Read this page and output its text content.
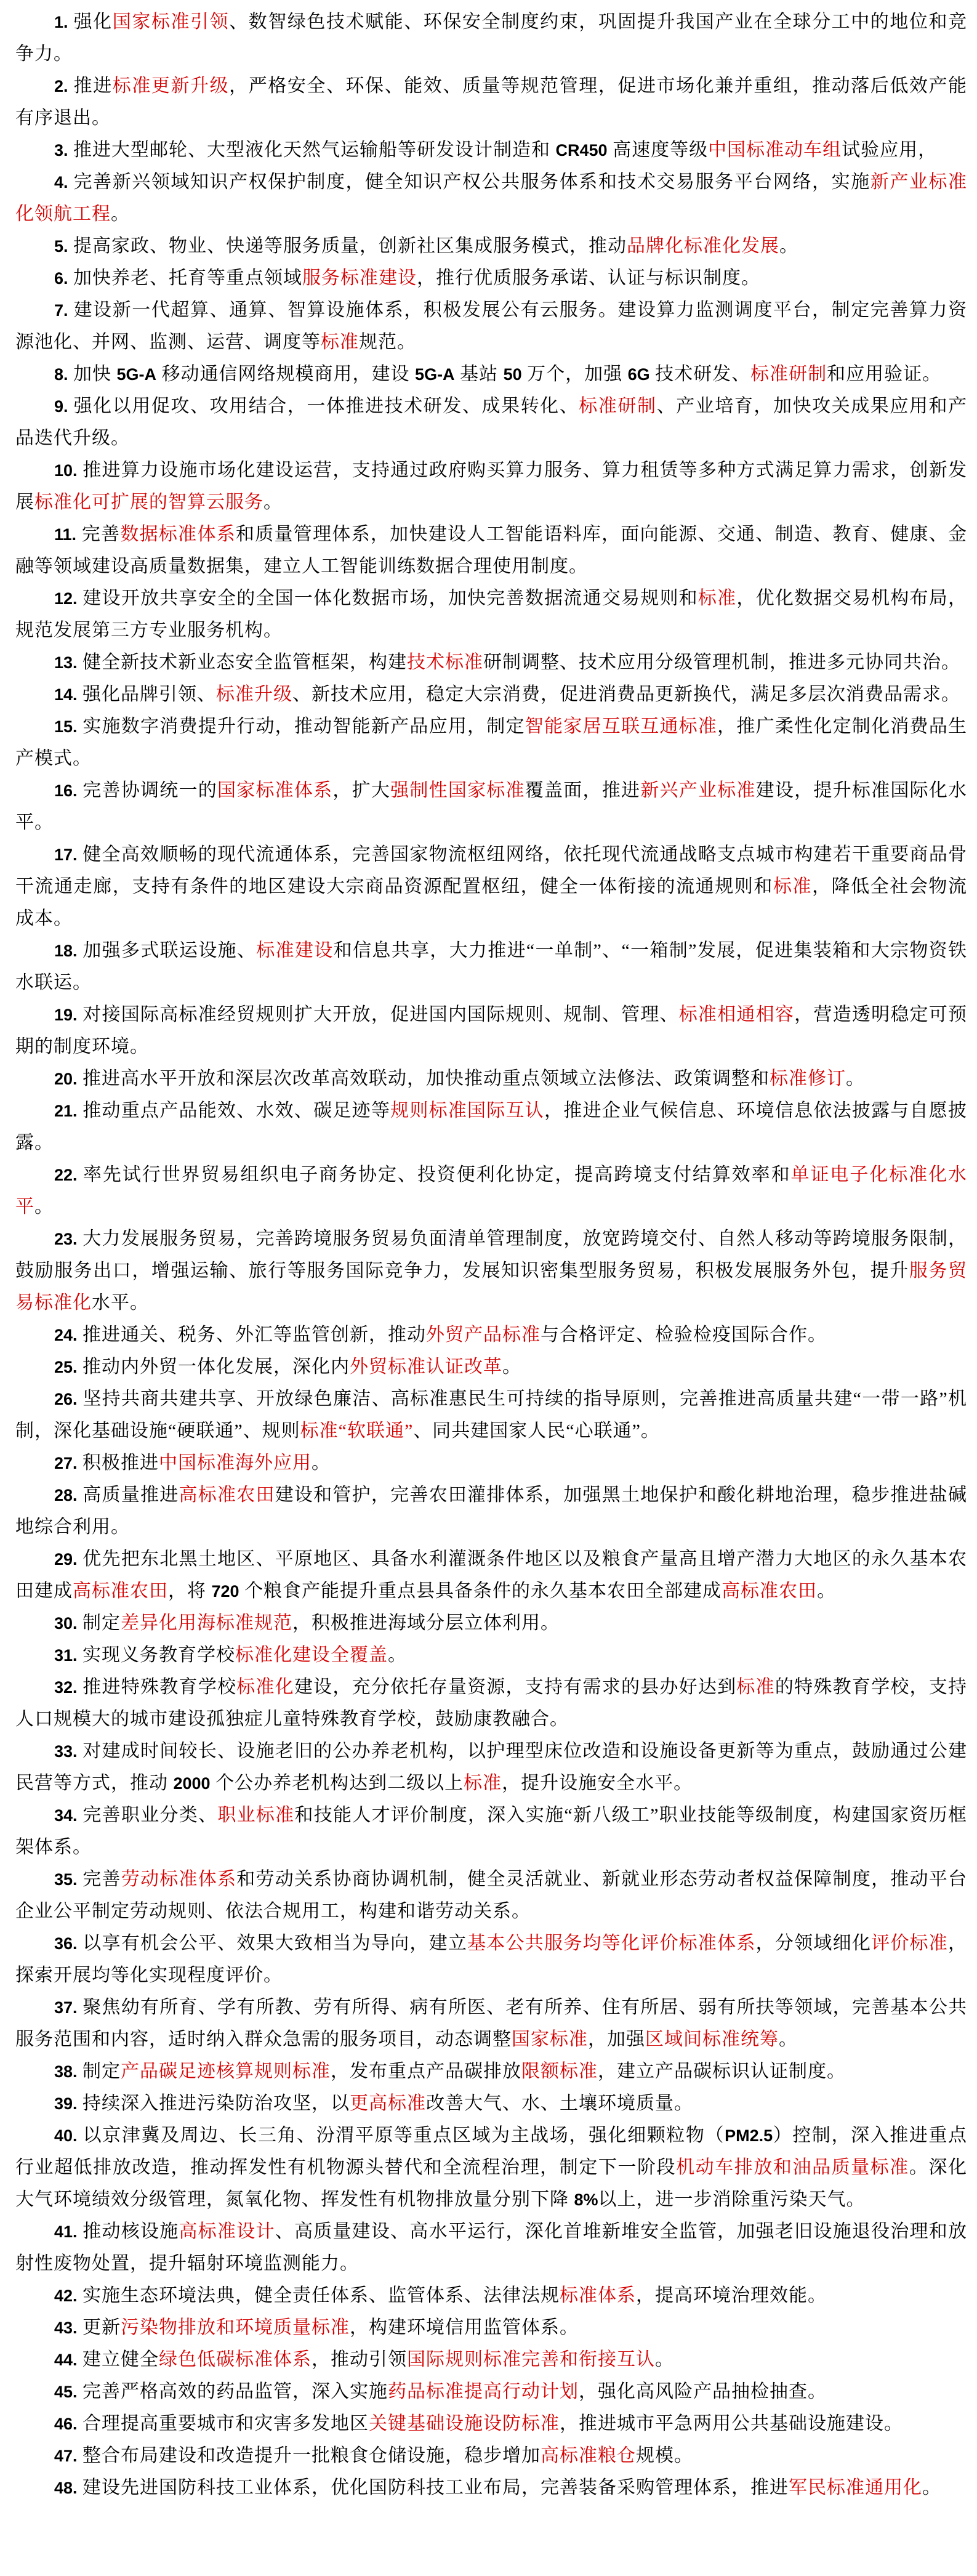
1. 强化国家标准引领、数智绿色技术赋能、环保安全制度约束，巩固提升我国产业在全球分工中的地位和竞争力。

2. 推进标准更新升级，严格安全、环保、能效、质量等规范管理，促进市场化兼并重组，推动落后低效产能有序退出。

3. 推进大型邮轮、大型液化天然气运输船等研发设计制造和 CR450 高速度等级中国标准动车组试验应用，

4. 完善新兴领域知识产权保护制度，健全知识产权公共服务体系和技术交易服务平台网络，实施新产业标准化领航工程。

5. 提高家政、物业、快递等服务质量，创新社区集成服务模式，推动品牌化标准化发展。

6. 加快养老、托育等重点领域服务标准建设，推行优质服务承诺、认证与标识制度。

7. 建设新一代超算、通算、智算设施体系，积极发展公有云服务。建设算力监测调度平台，制定完善算力资源池化、并网、监测、运营、调度等标准规范。

8. 加快 5G-A 移动通信网络规模商用，建设 5G-A 基站 50 万个，加强 6G 技术研发、标准研制和应用验证。

9. 强化以用促攻、攻用结合，一体推进技术研发、成果转化、标准研制、产业培育，加快攻关成果应用和产品迭代升级。

10. 推进算力设施市场化建设运营，支持通过政府购买算力服务、算力租赁等多种方式满足算力需求，创新发展标准化可扩展的智算云服务。

11. 完善数据标准体系和质量管理体系，加快建设人工智能语料库，面向能源、交通、制造、教育、健康、金融等领域建设高质量数据集，建立人工智能训练数据合理使用制度。

12. 建设开放共享安全的全国一体化数据市场，加快完善数据流通交易规则和标准，优化数据交易机构布局，规范发展第三方专业服务机构。

13. 健全新技术新业态安全监管框架，构建技术标准研制调整、技术应用分级管理机制，推进多元协同共治。

14. 强化品牌引领、标准升级、新技术应用，稳定大宗消费，促进消费品更新换代，满足多层次消费品需求。

15. 实施数字消费提升行动，推动智能新产品应用，制定智能家居互联互通标准，推广柔性化定制化消费品生产模式。

16. 完善协调统一的国家标准体系，扩大强制性国家标准覆盖面，推进新兴产业标准建设，提升标准国际化水平。

17. 健全高效顺畅的现代流通体系，完善国家物流枢纽网络，依托现代流通战略支点城市构建若干重要商品骨干流通走廊，支持有条件的地区建设大宗商品资源配置枢纽，健全一体衔接的流通规则和标准，降低全社会物流成本。

18. 加强多式联运设施、标准建设和信息共享，大力推进“一单制”、“一箱制”发展，促进集装箱和大宗物资铁水联运。

19. 对接国际高标准经贸规则扩大开放，促进国内国际规则、规制、管理、标准相通相容，营造透明稳定可预期的制度环境。

20. 推进高水平开放和深层次改革高效联动，加快推动重点领域立法修法、政策调整和标准修订。

21. 推动重点产品能效、水效、碳足迹等规则标准国际互认，推进企业气候信息、环境信息依法披露与自愿披露。

22. 率先试行世界贸易组织电子商务协定、投资便利化协定，提高跨境支付结算效率和单证电子化标准化水平。

23. 大力发展服务贸易，完善跨境服务贸易负面清单管理制度，放宽跨境交付、自然人移动等跨境服务限制，鼓励服务出口，增强运输、旅行等服务国际竞争力，发展知识密集型服务贸易，积极发展服务外包，提升服务贸易标准化水平。

24. 推进通关、税务、外汇等监管创新，推动外贸产品标准与合格评定、检验检疫国际合作。

25. 推动内外贸一体化发展，深化内外贸标准认证改革。

26. 坚持共商共建共享、开放绿色廉洁、高标准惠民生可持续的指导原则，完善推进高质量共建“一带一路”机制，深化基础设施“硬联通”、规则标准“软联通”、同共建国家人民“心联通”。

27. 积极推进中国标准海外应用。

28. 高质量推进高标准农田建设和管护，完善农田灌排体系，加强黑土地保护和酸化耕地治理，稳步推进盐碱地综合利用。

29. 优先把东北黑土地区、平原地区、具备水利灌溉条件地区以及粮食产量高且增产潜力大地区的永久基本农田建成高标准农田，将 720 个粮食产能提升重点县具备条件的永久基本农田全部建成高标准农田。

30. 制定差异化用海标准规范，积极推进海域分层立体利用。

31. 实现义务教育学校标准化建设全覆盖。

32. 推进特殊教育学校标准化建设，充分依托存量资源，支持有需求的县办好达到标准的特殊教育学校，支持人口规模大的城市建设孤独症儿童特殊教育学校，鼓励康教融合。

33. 对建成时间较长、设施老旧的公办养老机构，以护理型床位改造和设施设备更新等为重点，鼓励通过公建民营等方式，推动 2000 个公办养老机构达到二级以上标准，提升设施安全水平。

34. 完善职业分类、职业标准和技能人才评价制度，深入实施“新八级工”职业技能等级制度，构建国家资历框架体系。

35. 完善劳动标准体系和劳动关系协商协调机制，健全灵活就业、新就业形态劳动者权益保障制度，推动平台企业公平制定劳动规则、依法合规用工，构建和谐劳动关系。

36. 以享有机会公平、效果大致相当为导向，建立基本公共服务均等化评价标准体系，分领域细化评价标准，探索开展均等化实现程度评价。

37. 聚焦幼有所育、学有所教、劳有所得、病有所医、老有所养、住有所居、弱有所扶等领域，完善基本公共服务范围和内容，适时纳入群众急需的服务项目，动态调整国家标准，加强区域间标准统筹。

38. 制定产品碳足迹核算规则标准，发布重点产品碳排放限额标准，建立产品碳标识认证制度。

39. 持续深入推进污染防治攻坚，以更高标准改善大气、水、土壤环境质量。

40. 以京津冀及周边、长三角、汾渭平原等重点区域为主战场，强化细颗粒物（PM2.5）控制，深入推进重点行业超低排放改造，推动挥发性有机物源头替代和全流程治理，制定下一阶段机动车排放和油品质量标准。深化大气环境绩效分级管理，氮氧化物、挥发性有机物排放量分别下降 8%以上，进一步消除重污染天气。

41. 推动核设施高标准设计、高质量建设、高水平运行，深化首堆新堆安全监管，加强老旧设施退役治理和放射性废物处置，提升辐射环境监测能力。

42. 实施生态环境法典，健全责任体系、监管体系、法律法规标准体系，提高环境治理效能。

43. 更新污染物排放和环境质量标准，构建环境信用监管体系。

44. 建立健全绿色低碳标准体系，推动引领国际规则标准完善和衔接互认。

45. 完善严格高效的药品监管，深入实施药品标准提高行动计划，强化高风险产品抽检抽查。

46. 合理提高重要城市和灾害多发地区关键基础设施设防标准，推进城市平急两用公共基础设施建设。

47. 整合布局建设和改造提升一批粮食仓储设施，稳步增加高标准粮仓规模。

48. 建设先进国防科技工业体系，优化国防科技工业布局，完善装备采购管理体系，推进军民标准通用化。
